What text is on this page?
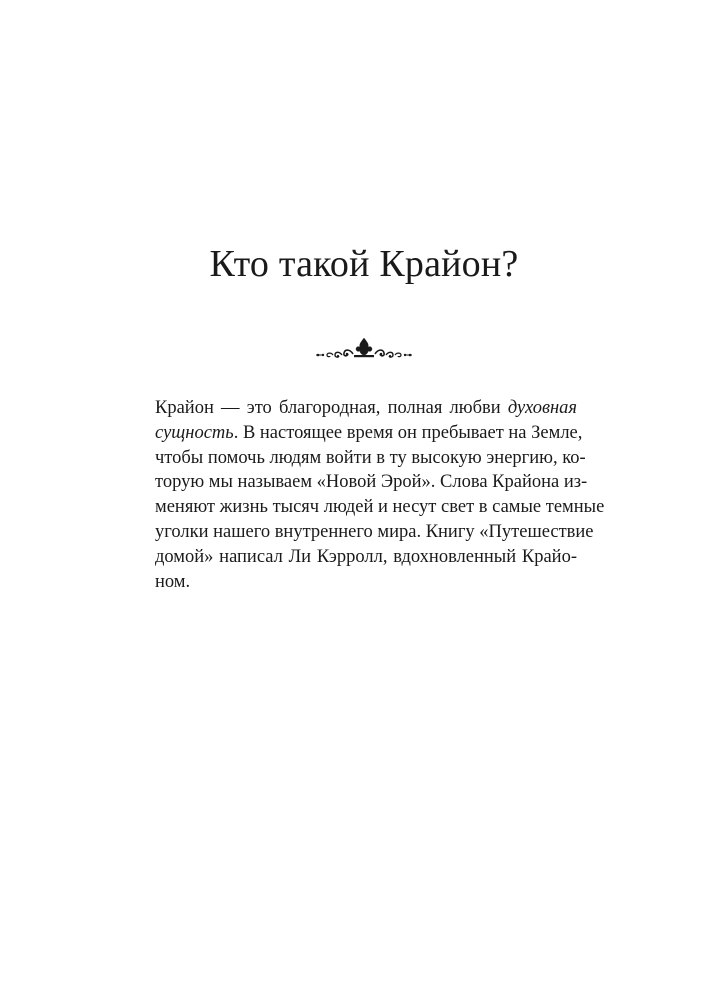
Кто такой Крайон?
Крайон — это благородная, полная любви духовная
сущность. В настоящее время он пребывает на Земле,
чтобы помочь людям войти в ту высокую энергию, ко-
торую мы называем «Новой Эрой». Слова Крайона из-
меняют жизнь тысяч людей и несут свет в самые темные
уголки нашего внутреннего мира. Книгу «Путешествие
домой» написал Ли Кэрролл, вдохновленный Крайо-
ном.
